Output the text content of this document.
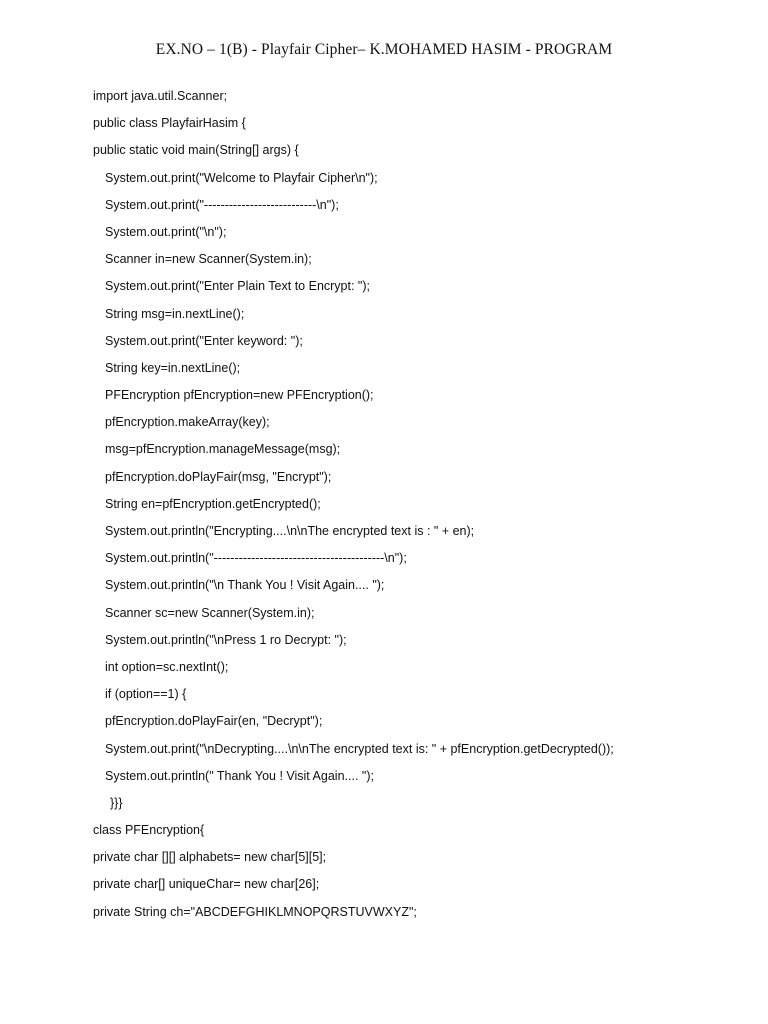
EX.NO – 1(B) - Playfair Cipher– K.MOHAMED HASIM - PROGRAM
import java.util.Scanner;
public class PlayfairHasim {
public static void main(String[] args) {
System.out.print("Welcome to Playfair Cipher\n");
System.out.print("---------------------------\n");
System.out.print("\n");
Scanner in=new Scanner(System.in);
System.out.print("Enter Plain Text to Encrypt: ");
String msg=in.nextLine();
System.out.print("Enter keyword: ");
String key=in.nextLine();
PFEncryption pfEncryption=new PFEncryption();
pfEncryption.makeArray(key);
msg=pfEncryption.manageMessage(msg);
pfEncryption.doPlayFair(msg, "Encrypt");
String en=pfEncryption.getEncrypted();
System.out.println("Encrypting....\n\nThe encrypted text is : " + en);
System.out.println("-----------------------------------------\n");
System.out.println("\n Thank You ! Visit Again.... ");
Scanner sc=new Scanner(System.in);
System.out.println("\nPress 1 ro Decrypt: ");
int option=sc.nextInt();
if (option==1) {
pfEncryption.doPlayFair(en, "Decrypt");
System.out.print("\nDecrypting....\n\nThe encrypted text is: " + pfEncryption.getDecrypted());
System.out.println(" Thank You ! Visit Again.... ");
}}}
class PFEncryption{
private char [][] alphabets= new char[5][5];
private char[] uniqueChar= new char[26];
private String ch="ABCDEFGHIKLMNOPQRSTUVWXYZ";
